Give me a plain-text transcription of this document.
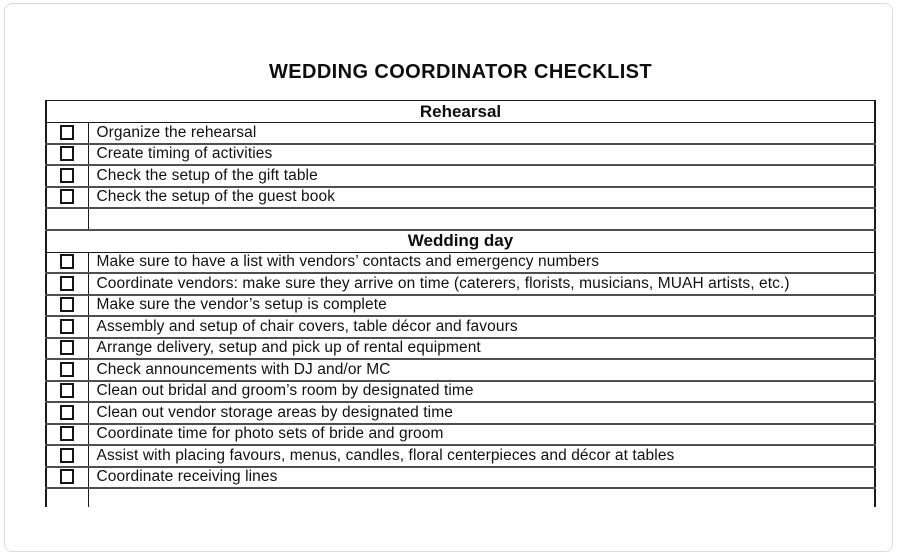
WEDDING COORDINATOR CHECKLIST
Rehearsal	
	Organize the rehearsal
	Create timing of activities
	Check the setup of the gift table
	Check the setup of the guest book

Wedding day	
	Make sure to have a list with vendors’ contacts and emergency numbers
	Coordinate vendors: make sure they arrive on time (caterers, florists, musicians, MUAH artists, etc.)
	Make sure the vendor’s setup is complete
	Assembly and setup of chair covers, table décor and favours
	Arrange delivery, setup and pick up of rental equipment
	Check announcements with DJ and/or MC
	Clean out bridal and groom’s room by designated time
	Clean out vendor storage areas by designated time
	Coordinate time for photo sets of bride and groom
	Assist with placing favours, menus, candles, floral centerpieces and décor at tables
	Coordinate receiving lines
